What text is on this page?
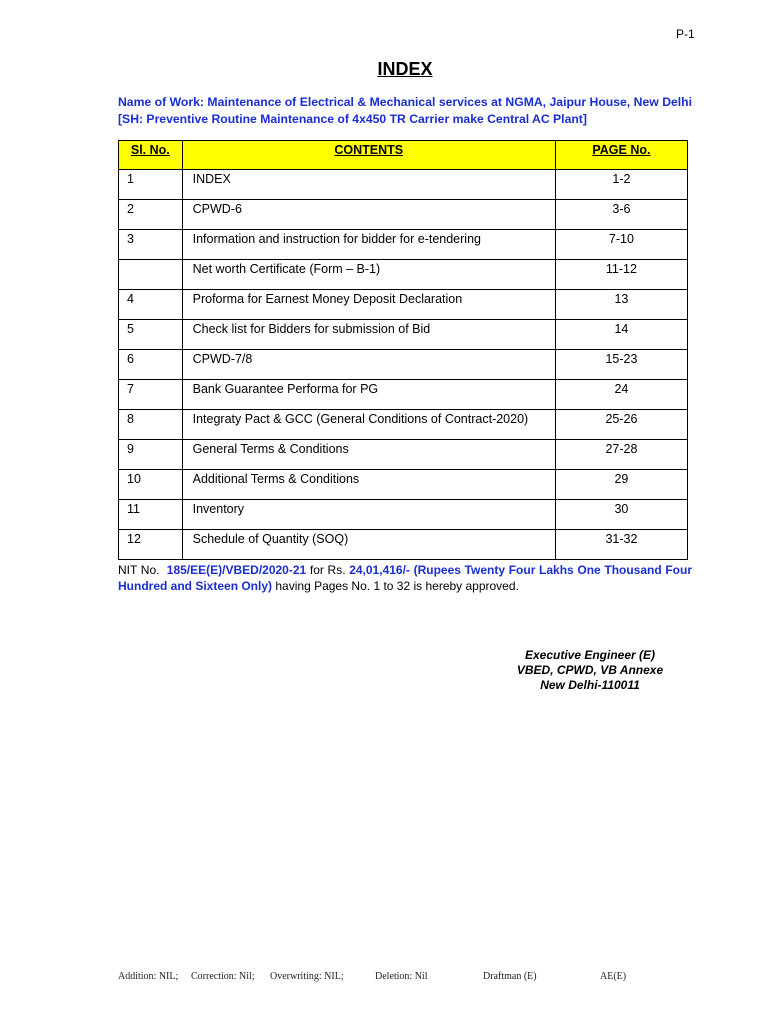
P-1
INDEX
Name of Work: Maintenance of Electrical & Mechanical services at NGMA, Jaipur House, New Delhi [SH: Preventive Routine Maintenance of 4x450 TR Carrier make Central AC Plant]
Sl. No.	CONTENTS	PAGE No.
1	INDEX	1-2
2	CPWD-6	3-6
3	Information and instruction for bidder for e-tendering	7-10
	Net worth Certificate (Form – B-1)	11-12
4	Proforma for Earnest Money Deposit Declaration	13
5	Check list for Bidders for submission of Bid	14
6	CPWD-7/8	15-23
7	Bank Guarantee Performa for PG	24
8	Integraty Pact & GCC (General Conditions of Contract-2020)	25-26
9	General Terms & Conditions	27-28
10	Additional Terms & Conditions	29
11	Inventory	30
12	Schedule of Quantity (SOQ)	31-32
NIT No. 185/EE(E)/VBED/2020-21 for Rs. 24,01,416/- (Rupees Twenty Four Lakhs One Thousand Four Hundred and Sixteen Only) having Pages No. 1 to 32 is hereby approved.
Executive Engineer (E)
VBED, CPWD, VB Annexe
New Delhi-110011
Addition: NIL; Correction: Nil; Overwriting: NIL;	Deletion: Nil	Draftman (E)	AE(E)
